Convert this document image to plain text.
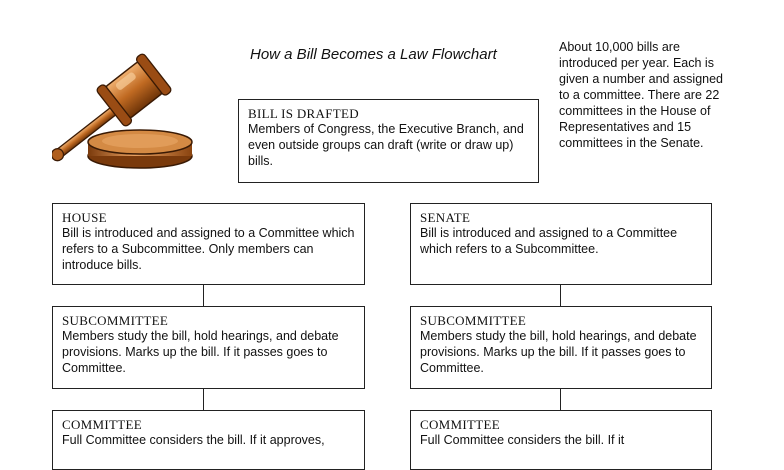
How a Bill Becomes a Law Flowchart	About 10,000 bills are introduced per year. Each is given a number and assigned to a committee. There are 22 committees in the House of Representatives and 15 committees in the Senate.
BILL IS DRAFTED
Members of Congress, the Executive Branch, and even outside groups can draft (write or draw up) bills.
HOUSE
Bill is introduced and assigned to a Committee which refers to a Subcommittee. Only members can introduce bills.
SUBCOMMITTEE
Members study the bill, hold hearings, and debate provisions. Marks up the bill. If it passes goes to Committee.
COMMITTEE
Full Committee considers the bill. If it approves,
SENATE
Bill is introduced and assigned to a Committee which refers to a Subcommittee.
SUBCOMMITTEE
Members study the bill, hold hearings, and debate provisions. Marks up the bill. If it passes goes to Committee.
COMMITTEE
Full Committee considers the bill. If it
